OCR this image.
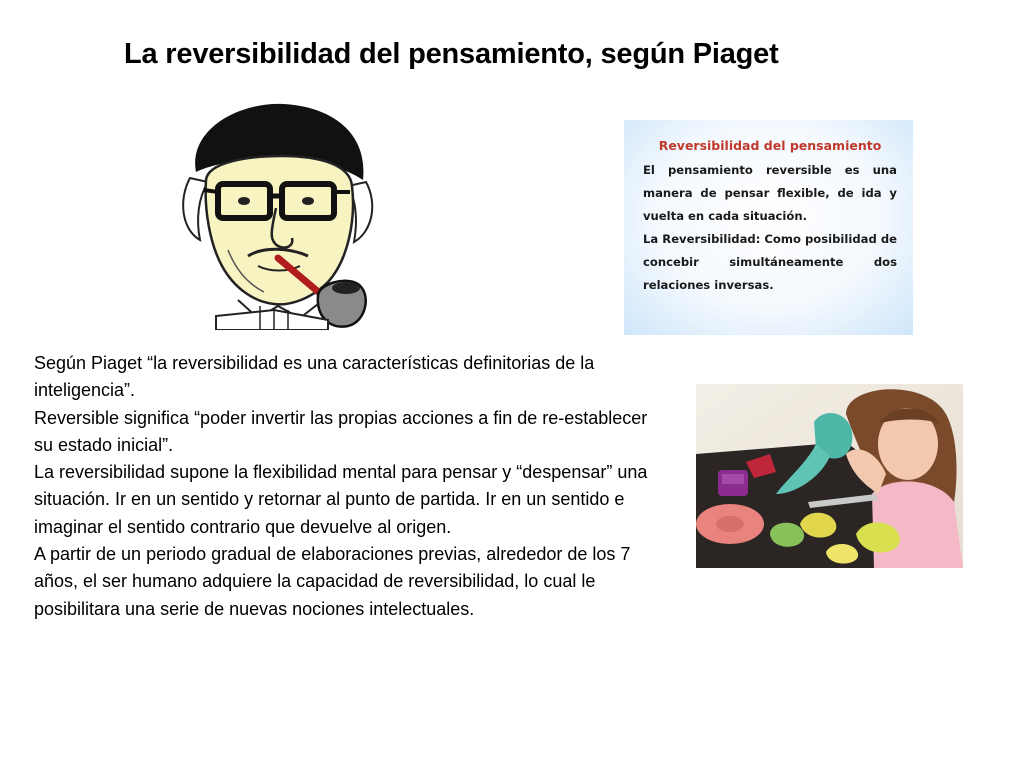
La reversibilidad del pensamiento, según Piaget
Reversibilidad del pensamiento

El pensamiento reversible es una manera de pensar flexible, de ida y vuelta en cada situación.

La Reversibilidad: Como posibilidad de concebir simultáneamente dos relaciones inversas.

Según Piaget “la reversibilidad es una características definitorias de la inteligencia”.

Reversible significa “poder invertir las propias acciones a fin de re-establecer su estado inicial”.

La reversibilidad supone la flexibilidad mental para pensar y “despensar” una situación. Ir en un sentido y retornar al punto de partida. Ir en un sentido e imaginar el sentido contrario que devuelve al origen.

A partir de un periodo gradual de elaboraciones previas, alrededor de los 7 años, el ser humano adquiere la capacidad de reversibilidad, lo cual le posibilitara una serie de nuevas nociones intelectuales.
